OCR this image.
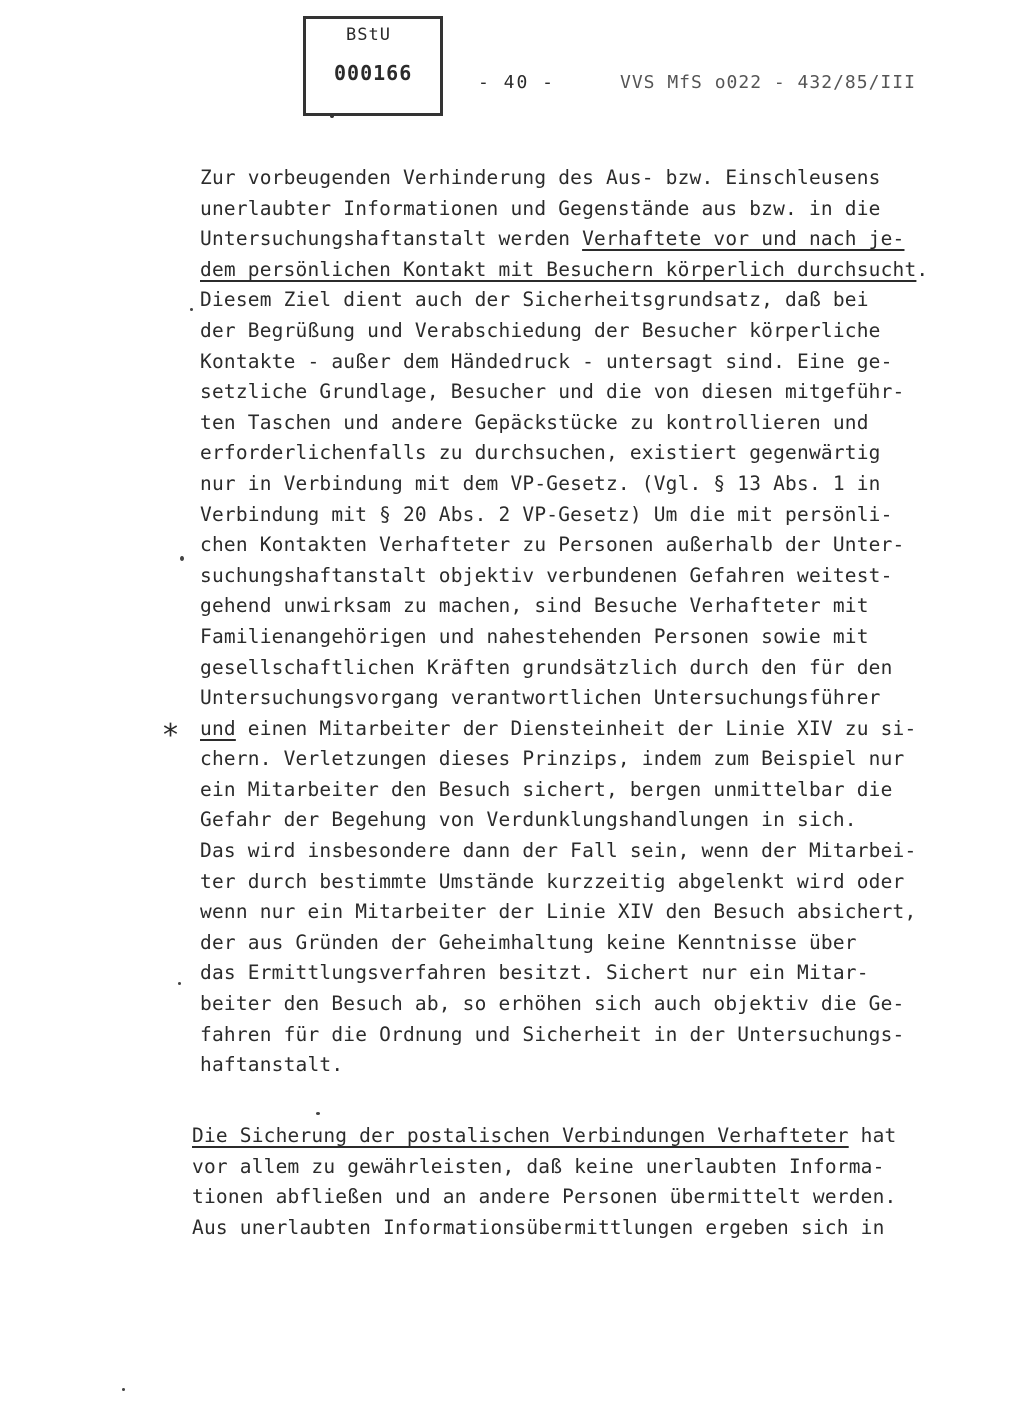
BStU
000166	- 40 -	VVS MfS o022 - 432/85/III
*
Zur vorbeugenden Verhinderung des Aus- bzw. Einschleusens
unerlaubter Informationen und Gegenstände aus bzw. in die
Untersuchungshaftanstalt werden Verhaftete vor und nach je-
dem persönlichen Kontakt mit Besuchern körperlich durchsucht.
Diesem Ziel dient auch der Sicherheitsgrundsatz, daß bei
der Begrüßung und Verabschiedung der Besucher körperliche
Kontakte - außer dem Händedruck - untersagt sind. Eine ge-
setzliche Grundlage, Besucher und die von diesen mitgeführ-
ten Taschen und andere Gepäckstücke zu kontrollieren und
erforderlichenfalls zu durchsuchen, existiert gegenwärtig
nur in Verbindung mit dem VP-Gesetz. (Vgl. § 13 Abs. 1 in
Verbindung mit § 20 Abs. 2 VP-Gesetz) Um die mit persönli-
chen Kontakten Verhafteter zu Personen außerhalb der Unter-
suchungshaftanstalt objektiv verbundenen Gefahren weitest-
gehend unwirksam zu machen, sind Besuche Verhafteter mit
Familienangehörigen und nahestehenden Personen sowie mit
gesellschaftlichen Kräften grundsätzlich durch den für den
Untersuchungsvorgang verantwortlichen Untersuchungsführer
und einen Mitarbeiter der Diensteinheit der Linie XIV zu si-
chern. Verletzungen dieses Prinzips, indem zum Beispiel nur
ein Mitarbeiter den Besuch sichert, bergen unmittelbar die
Gefahr der Begehung von Verdunklungshandlungen in sich.
Das wird insbesondere dann der Fall sein, wenn der Mitarbei-
ter durch bestimmte Umstände kurzzeitig abgelenkt wird oder
wenn nur ein Mitarbeiter der Linie XIV den Besuch absichert,
der aus Gründen der Geheimhaltung keine Kenntnisse über
das Ermittlungsverfahren besitzt. Sichert nur ein Mitar-
beiter den Besuch ab, so erhöhen sich auch objektiv die Ge-
fahren für die Ordnung und Sicherheit in der Untersuchungs-
haftanstalt.
Die Sicherung der postalischen Verbindungen Verhafteter hat
vor allem zu gewährleisten, daß keine unerlaubten Informa-
tionen abfließen und an andere Personen übermittelt werden.
Aus unerlaubten Informationsübermittlungen ergeben sich in
